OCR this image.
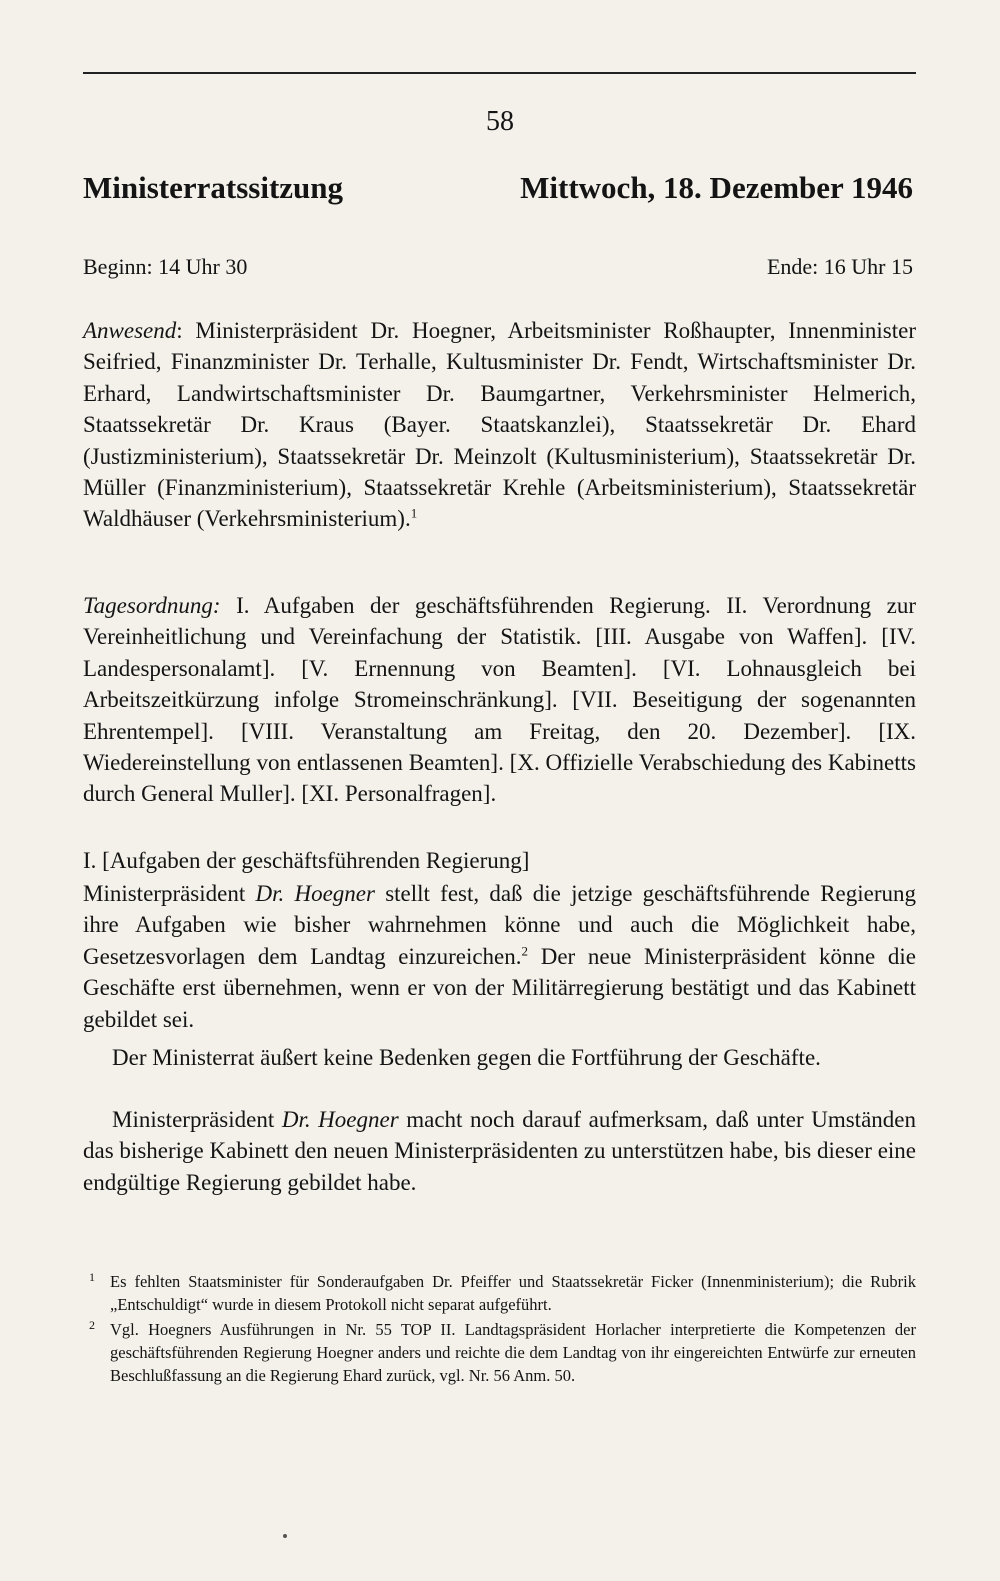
58
Ministerratssitzung	Mittwoch, 18. Dezember 1946
Beginn: 14 Uhr 30	Ende: 16 Uhr 15

Anwesend: Ministerpräsident Dr. Hoegner, Arbeitsminister Roßhaupter, Innenminister Seifried, Finanzminister Dr. Terhalle, Kultusminister Dr. Fendt, Wirtschaftsminister Dr. Erhard, Landwirtschaftsminister Dr. Baumgartner, Verkehrsminister Helmerich, Staatssekretär Dr. Kraus (Bayer. Staatskanzlei), Staatssekretär Dr. Ehard (Justizministerium), Staatssekretär Dr. Meinzolt (Kultusministerium), Staatssekretär Dr. Müller (Finanzministerium), Staatssekretär Krehle (Arbeitsministerium), Staatssekretär Waldhäuser (Verkehrsministerium).$^1$

Tagesordnung: I. Aufgaben der geschäftsführenden Regierung. II. Verordnung zur Vereinheitlichung und Vereinfachung der Statistik. [III. Ausgabe von Waffen]. [IV. Landespersonalamt]. [V. Ernennung von Beamten]. [VI. Lohnausgleich bei Arbeitszeitkürzung infolge Stromeinschränkung]. [VII. Beseitigung der sogenannten Ehrentempel]. [VIII. Veranstaltung am Freitag, den 20. Dezember]. [IX. Wiedereinstellung von entlassenen Beamten]. [X. Offizielle Verabschiedung des Kabinetts durch General Muller]. [XI. Personalfragen].

I. [Aufgaben der geschäftsführenden Regierung]

Ministerpräsident Dr. Hoegner stellt fest, daß die jetzige geschäftsführende Regierung ihre Aufgaben wie bisher wahrnehmen könne und auch die Möglichkeit habe, Gesetzesvorlagen dem Landtag einzureichen.$^2$ Der neue Ministerpräsident könne die Geschäfte erst übernehmen, wenn er von der Militärregierung bestätigt und das Kabinett gebildet sei.

Der Ministerrat äußert keine Bedenken gegen die Fortführung der Geschäfte.

Ministerpräsident Dr. Hoegner macht noch darauf aufmerksam, daß unter Umständen das bisherige Kabinett den neuen Ministerpräsidenten zu unterstützen habe, bis dieser eine endgültige Regierung gebildet habe.

1 Es fehlten Staatsminister für Sonderaufgaben Dr. Pfeiffer und Staatssekretär Ficker (Innenministerium); die Rubrik „Entschuldigt“ wurde in diesem Protokoll nicht separat aufgeführt.

2 Vgl. Hoegners Ausführungen in Nr. 55 TOP II. Landtagspräsident Horlacher interpretierte die Kompetenzen der geschäftsführenden Regierung Hoegner anders und reichte die dem Landtag von ihr eingereichten Entwürfe zur erneuten Beschlußfassung an die Regierung Ehard zurück, vgl. Nr. 56 Anm. 50.
